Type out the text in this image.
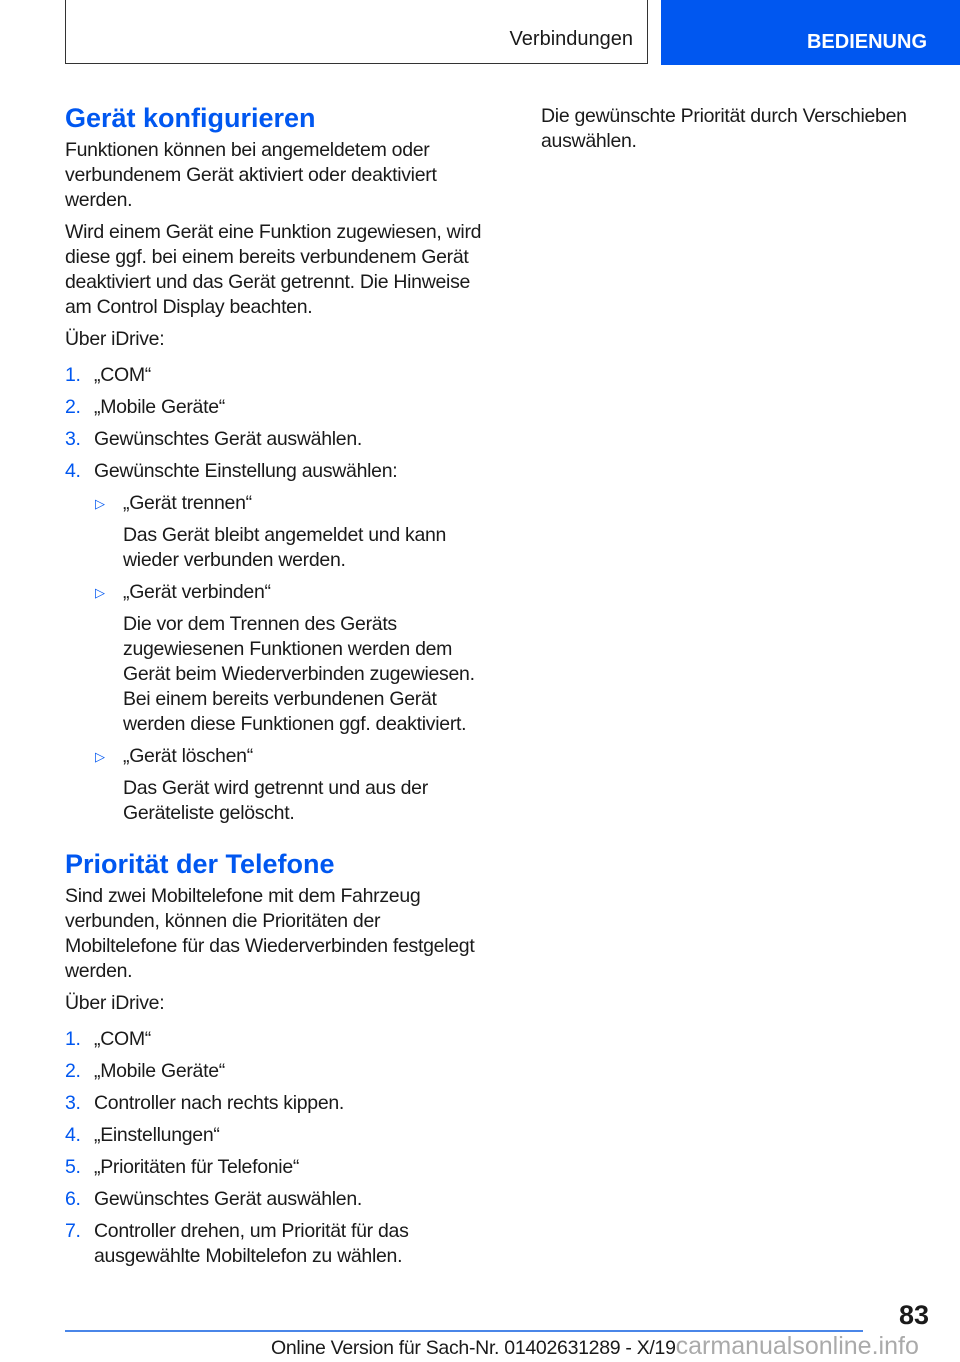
Verbindungen	BEDIENUNG
Gerät konfigurieren

Funktionen können bei angemeldetem oder verbundenem Gerät aktiviert oder deaktiviert werden.

Wird einem Gerät eine Funktion zugewiesen, wird diese ggf. bei einem bereits verbundenem Gerät deaktiviert und das Gerät getrennt. Die Hinweise am Control Display beachten.

Über iDrive:

1. „COM“
2. „Mobile Geräte“
3. Gewünschtes Gerät auswählen.
4. Gewünschte Einstellung auswählen:
▷ „Gerät trennen“
Das Gerät bleibt angemeldet und kann wieder verbunden werden.
▷ „Gerät verbinden“
Die vor dem Trennen des Geräts zugewiesenen Funktionen werden dem Gerät beim Wiederverbinden zugewiesen. Bei einem bereits verbundenen Gerät werden diese Funktionen ggf. deaktiviert.
▷ „Gerät löschen“
Das Gerät wird getrennt und aus der Geräteliste gelöscht.
Priorität der Telefone

Sind zwei Mobiltelefone mit dem Fahrzeug verbunden, können die Prioritäten der Mobiltelefone für das Wiederverbinden festgelegt werden.

Über iDrive:

1. „COM“
2. „Mobile Geräte“
3. Controller nach rechts kippen.
4. „Einstellungen“
5. „Prioritäten für Telefonie“
6. Gewünschtes Gerät auswählen.
7. Controller drehen, um Priorität für das ausgewählte Mobiltelefon zu wählen.

Die gewünschte Priorität durch Verschieben auswählen.

83
Online Version für Sach-Nr. 01402631289 - X/19carmanualsonline.info
